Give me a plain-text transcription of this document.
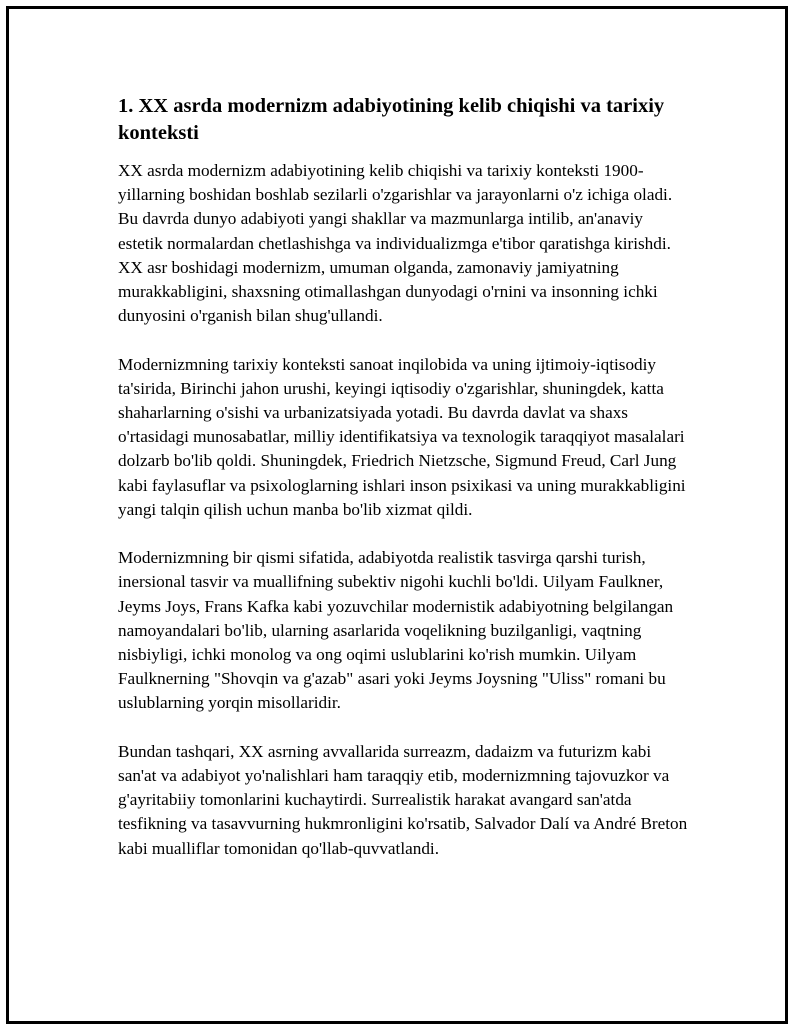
1. XX asrda modernizm adabiyotining kelib chiqishi va tarixiy konteksti

XX asrda modernizm adabiyotining kelib chiqishi va tarixiy konteksti 1900-yillarning boshidan boshlab sezilarli o'zgarishlar va jarayonlarni o'z ichiga oladi. Bu davrda dunyo adabiyoti yangi shakllar va mazmunlarga intilib, an'anaviy estetik normalardan chetlashishga va individualizmga e'tibor qaratishga kirishdi. XX asr boshidagi modernizm, umuman olganda, zamonaviy jamiyatning murakkabligini, shaxsning otimallashgan dunyodagi o'rnini va insonning ichki dunyosini o'rganish bilan shug'ullandi.

Modernizmning tarixiy konteksti sanoat inqilobida va uning ijtimoiy-iqtisodiy ta'sirida, Birinchi jahon urushi, keyingi iqtisodiy o'zgarishlar, shuningdek, katta shaharlarning o'sishi va urbanizatsiyada yotadi. Bu davrda davlat va shaxs o'rtasidagi munosabatlar, milliy identifikatsiya va texnologik taraqqiyot masalalari dolzarb bo'lib qoldi. Shuningdek, Friedrich Nietzsche, Sigmund Freud, Carl Jung kabi faylasuflar va psixologlarning ishlari inson psixikasi va uning murakkabligini yangi talqin qilish uchun manba bo'lib xizmat qildi.

Modernizmning bir qismi sifatida, adabiyotda realistik tasvirga qarshi turish, inersional tasvir va muallifning subektiv nigohi kuchli bo'ldi. Uilyam Faulkner, Jeyms Joys, Frans Kafka kabi yozuvchilar modernistik adabiyotning belgilangan namoyandalari bo'lib, ularning asarlarida voqelikning buzilganligi, vaqtning nisbiyligi, ichki monolog va ong oqimi uslublarini ko'rish mumkin. Uilyam Faulknerning "Shovqin va g'azab" asari yoki Jeyms Joysning "Uliss" romani bu uslublarning yorqin misollaridir.

Bundan tashqari, XX asrning avvallarida surreazm, dadaizm va futurizm kabi san'at va adabiyot yo'nalishlari ham taraqqiy etib, modernizmning tajovuzkor va g'ayritabiiy tomonlarini kuchaytirdi. Surrealistik harakat avangard san'atda tesfikning va tasavvurning hukmronligini ko'rsatib, Salvador Dalí va André Breton kabi mualliflar tomonidan qo'llab-quvvatlandi.
